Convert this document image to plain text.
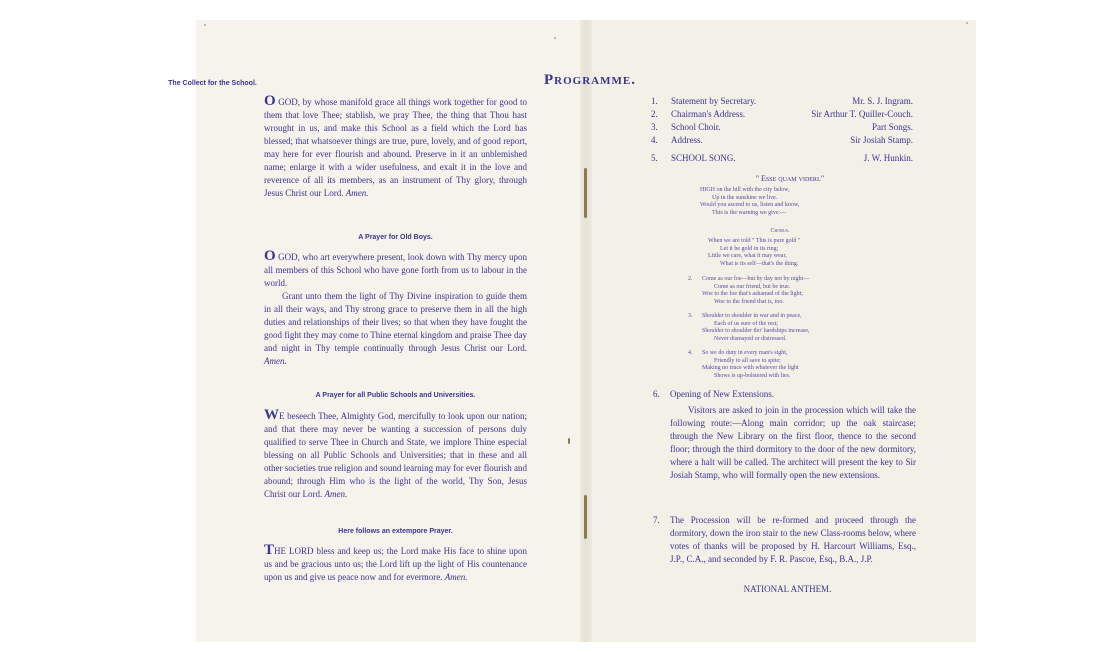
The Collect for the School.

O GOD, by whose manifold grace all things work together for good to them that love Thee; stablish, we pray Thee, the thing that Thou hast wrought in us, and make this School as a field which the Lord has blessed; that whatsoever things are true, pure, lovely, and of good report, may here for ever flourish and abound. Preserve in it an unblemished name; enlarge it with a wider usefulness, and exalt it in the love and reverence of all its members, as an instrument of Thy glory, through Jesus Christ our Lord. Amen.

A Prayer for Old Boys.

O GOD, who art everywhere present, look down with Thy mercy upon all members of this School who have gone forth from us to labour in the world.

Grant unto them the light of Thy Divine inspiration to guide them in all their ways, and Thy strong grace to preserve them in all the high duties and relationships of their lives; so that when they have fought the good fight they may come to Thine eternal kingdom and praise Thee day and night in Thy temple continually through Jesus Christ our Lord. Amen.

A Prayer for all Public Schools and Universities.

WE beseech Thee, Almighty God, mercifully to look upon our nation; and that there may never be wanting a succession of persons duly qualified to serve Thee in Church and State, we implore Thine especial blessing on all Public Schools and Universities; that in these and all other societies true religion and sound learning may for ever flourish and abound; through Him who is the light of the world, Thy Son, Jesus Christ our Lord. Amen.

Here follows an extempore Prayer.

THE LORD bless and keep us; the Lord make His face to shine upon us and be gracious unto us; the Lord lift up the light of His countenance upon us and give us peace now and for evermore. Amen.

Programme.
1. Statement by Secretary.	Mr. S. J. Ingram.
2. Chairman's Address.	Sir Arthur T. Quiller-Couch.
3. School Choir.	Part Songs.
4. Address.	Sir Josiah Stamp.
5. SCHOOL SONG.	J. W. Hunkin.
" Esse quam videri."
HIGH on the hill with the city below,
Up in the sunshine we live.
Would you ascend to us, listen and know,
This is the warning we give:—
Chorus.
When we are told " This is pure gold "
Let it be gold in its ring;
Little we care, what it may wear,
What is its self—that's the thing.
2. Come as our foe—but by day not by night—
Come as our friend, but be true.
Woe to the foe that's ashamed of the light;
Woe to the friend that is, too.
3. Shoulder to shoulder in war and in peace,
Each of us sure of the rest;
Shoulder to shoulder tho' hardships increase,
Never dismayed or distressed.
4. So we do duty in every man's sight,
Friendly to all save to spite;
Making no truce with whatever the light
Shows is up-bolstered with lies.
6. Opening of New Extensions.

Visitors are asked to join in the procession which will take the following route:—Along main corridor; up the oak staircase; through the New Library on the first floor, thence to the second floor; through the third dormitory to the door of the new dormitory, where a halt will be called. The architect will present the key to Sir Josiah Stamp, who will formally open the new extensions.

7. The Procession will be re-formed and proceed through the dormitory, down the iron stair to the new Class-rooms below, where votes of thanks will be proposed by H. Harcourt Williams, Esq., J.P., C.A., and seconded by F. R. Pascoe, Esq., B.A., J.P.

NATIONAL ANTHEM.
